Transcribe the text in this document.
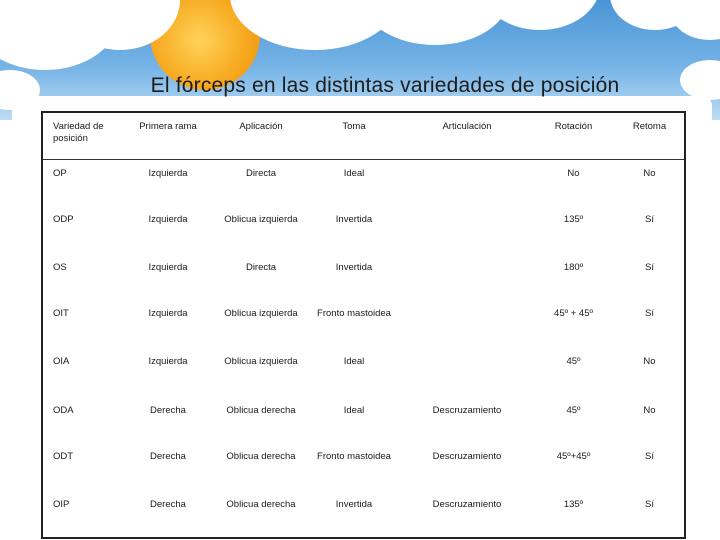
El fórceps en las distintas variedades de posición
Variedad de posición	Primera rama	Aplicación	Toma	Articulación	Rotación	Retoma
OP	Izquierda	Directa	Ideal		No	No
ODP	Izquierda	Oblicua izquierda	Invertida		135º	Sí
OS	Izquierda	Directa	Invertida		180º	Sí
OIT	Izquierda	Oblicua izquierda	Fronto mastoidea		45º + 45º	Sí
OIA	Izquierda	Oblicua izquierda	Ideal		45º	No
ODA	Derecha	Oblicua derecha	Ideal	Descruzamiento	45º	No
ODT	Derecha	Oblicua derecha	Fronto mastoidea	Descruzamiento	45º+45º	Sí
OIP	Derecha	Oblicua derecha	Invertida	Descruzamiento	135º	Sí
